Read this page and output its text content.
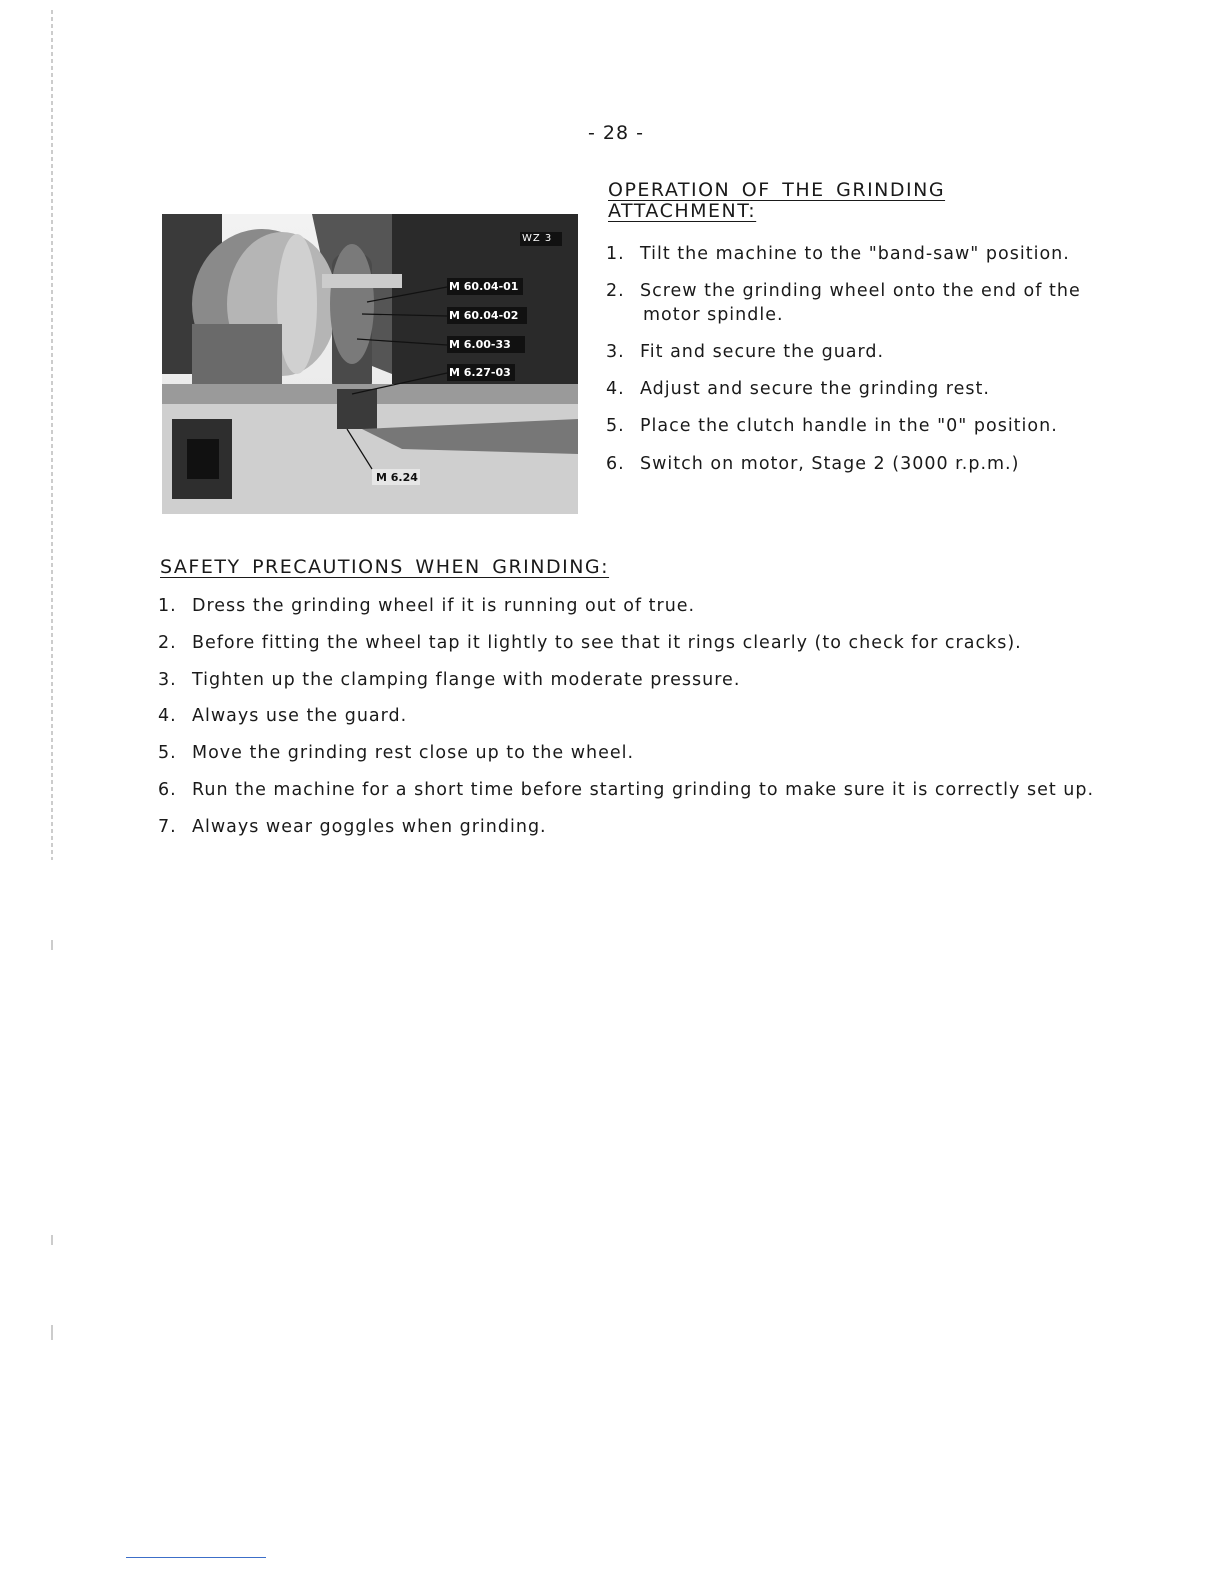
- 28 -
OPERATION OF THE GRINDING ATTACHMENT:
1. Tilt the machine to the "band-saw" position.
2. Screw the grinding wheel onto the end of the
motor spindle.
3. Fit and secure the guard.
4. Adjust and secure the grinding rest.
5. Place the clutch handle in the "0" position.
6. Switch on motor, Stage 2 (3000 r.p.m.)
WZ 3
M 60.04-01
M 60.04-02
M 6.00-33
M 6.27-03
M 6.24
SAFETY PRECAUTIONS WHEN GRINDING:
1. Dress the grinding wheel if it is running out of true.
2. Before fitting the wheel tap it lightly to see that it rings clearly (to check for cracks).
3. Tighten up the clamping flange with moderate pressure.
4. Always use the guard.
5. Move the grinding rest close up to the wheel.
6. Run the machine for a short time before starting grinding to make sure it is correctly set up.
7. Always wear goggles when grinding.
